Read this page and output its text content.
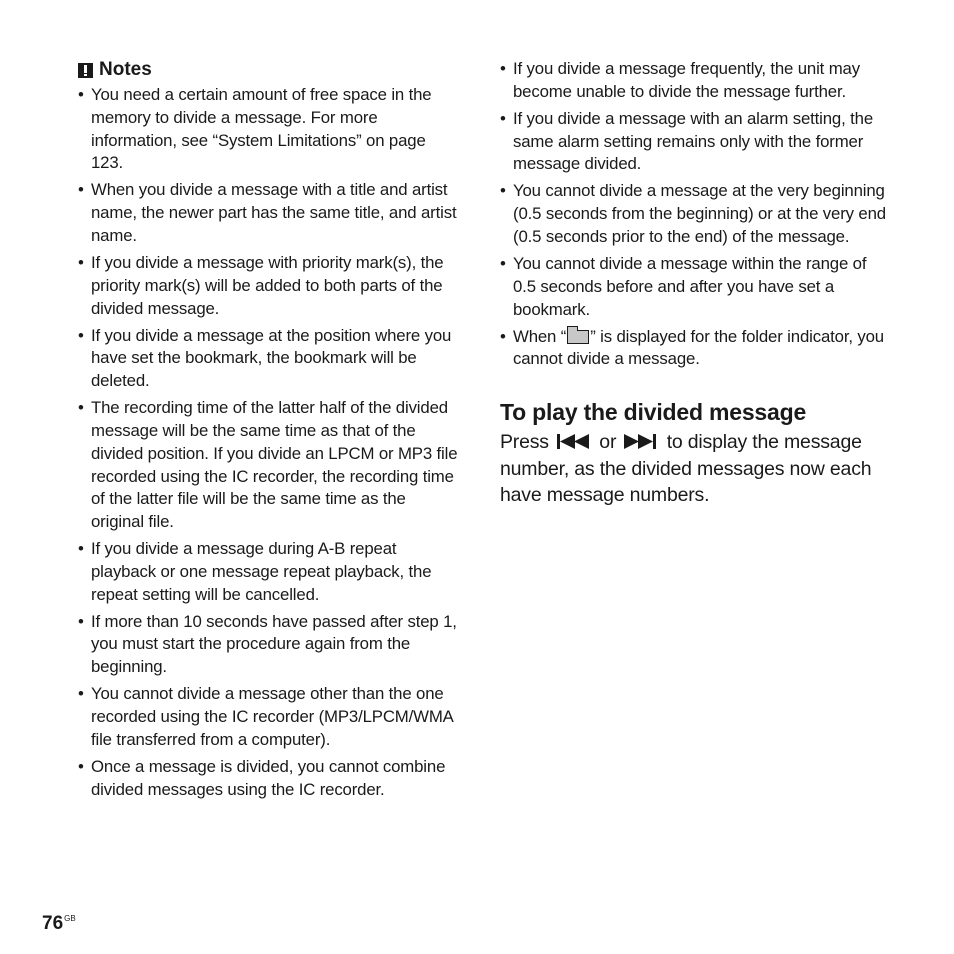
Notes
• You need a certain amount of free space in the memory to divide a message. For more information, see “System Limitations” on page 123.
• When you divide a message with a title and artist name, the newer part has the same title, and artist name.
• If you divide a message with priority mark(s), the priority mark(s) will be added to both parts of the divided message.
• If you divide a message at the position where you have set the bookmark, the bookmark will be deleted.
• The recording time of the latter half of the divided message will be the same time as that of the divided position. If you divide an LPCM or MP3 file recorded using the IC recorder, the recording time of the latter file will be the same time as the original file.
• If you divide a message during A-B repeat playback or one message repeat playback, the repeat setting will be cancelled.
• If more than 10 seconds have passed after step 1, you must start the procedure again from the beginning.
• You cannot divide a message other than the one recorded using the IC recorder (MP3/LPCM/WMA file transferred from a computer).
• Once a message is divided, you cannot combine divided messages using the IC recorder.
• If you divide a message frequently, the unit may become unable to divide the message further.
• If you divide a message with an alarm setting, the same alarm setting remains only with the former message divided.
• You cannot divide a message at the very beginning (0.5 seconds from the beginning) or at the very end (0.5 seconds prior to the end) of the message.
• You cannot divide a message within the range of 0.5 seconds before and after you have set a bookmark.
• When “ ” is displayed for the folder indicator, you cannot divide a message.
To play the divided message
Press	or	to display the message number, as the divided messages now each have message numbers.
$76^{GB}$
